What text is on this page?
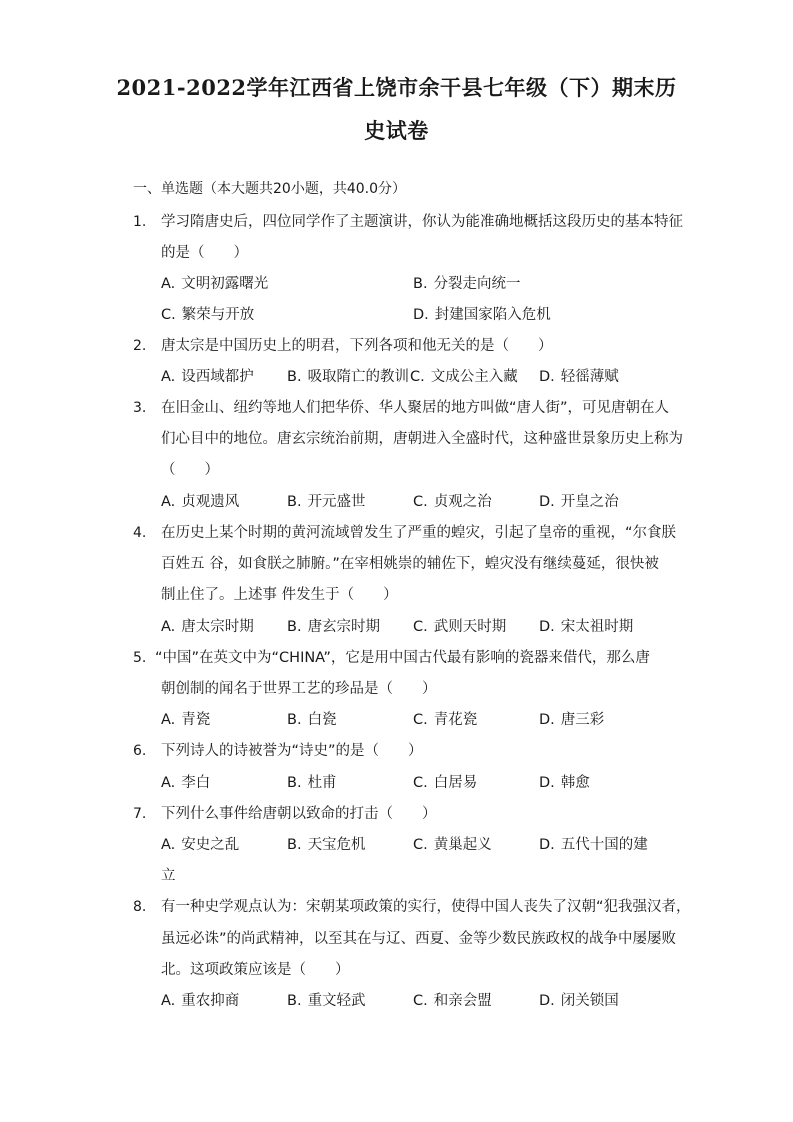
2021-2022学年江西省上饶市余干县七年级（下）期末历
史试卷
一、单选题（本大题共20小题，共40.0分）
1. 学习隋唐史后，四位同学作了主题演讲，你认为能准确地概括这段历史的基本特征
的是（　　）
A. 文明初露曙光	B. 分裂走向统一
C. 繁荣与开放	D. 封建国家陷入危机
2. 唐太宗是中国历史上的明君，下列各项和他无关的是（　　）
A. 设西域都护 B. 吸取隋亡的教训 C. 文成公主入藏 D. 轻徭薄赋
3. 在旧金山、纽约等地人们把华侨、华人聚居的地方叫做“唐人街”，可见唐朝在人
们心目中的地位。唐玄宗统治前期，唐朝进入全盛时代，这种盛世景象历史上称为
（　　）
A. 贞观遗风	B. 开元盛世	C. 贞观之治	D. 开皇之治
4. 在历史上某个时期的黄河流域曾发生了严重的蝗灾，引起了皇帝的重视，“尔食朕
百姓五 谷，如食朕之肺腑。”在宰相姚崇的辅佐下，蝗灾没有继续蔓延，很快被
制止住了。上述事 件发生于（　　）
A. 唐太宗时期 B. 唐玄宗时期 C. 武则天时期 D. 宋太祖时期
5. “中国”在英文中为“CHINA”，它是用中国古代最有影响的瓷器来借代，那么唐
朝创制的闻名于世界工艺的珍品是（　　）
A. 青瓷	B. 白瓷	C. 青花瓷	D. 唐三彩
6. 下列诗人的诗被誉为“诗史”的是（　　）
A. 李白	B. 杜甫	C. 白居易	D. 韩愈
7. 下列什么事件给唐朝以致命的打击（　　）
A. 安史之乱	B. 天宝危机	C. 黄巢起义	D. 五代十国的建
立
8. 有一种史学观点认为：宋朝某项政策的实行，使得中国人丧失了汉朝“犯我强汉者，
虽远必诛”的尚武精神，以至其在与辽、西夏、金等少数民族政权的战争中屡屡败
北。这项政策应该是（　　）
A. 重农抑商	B. 重文轻武	C. 和亲会盟	D. 闭关锁国
